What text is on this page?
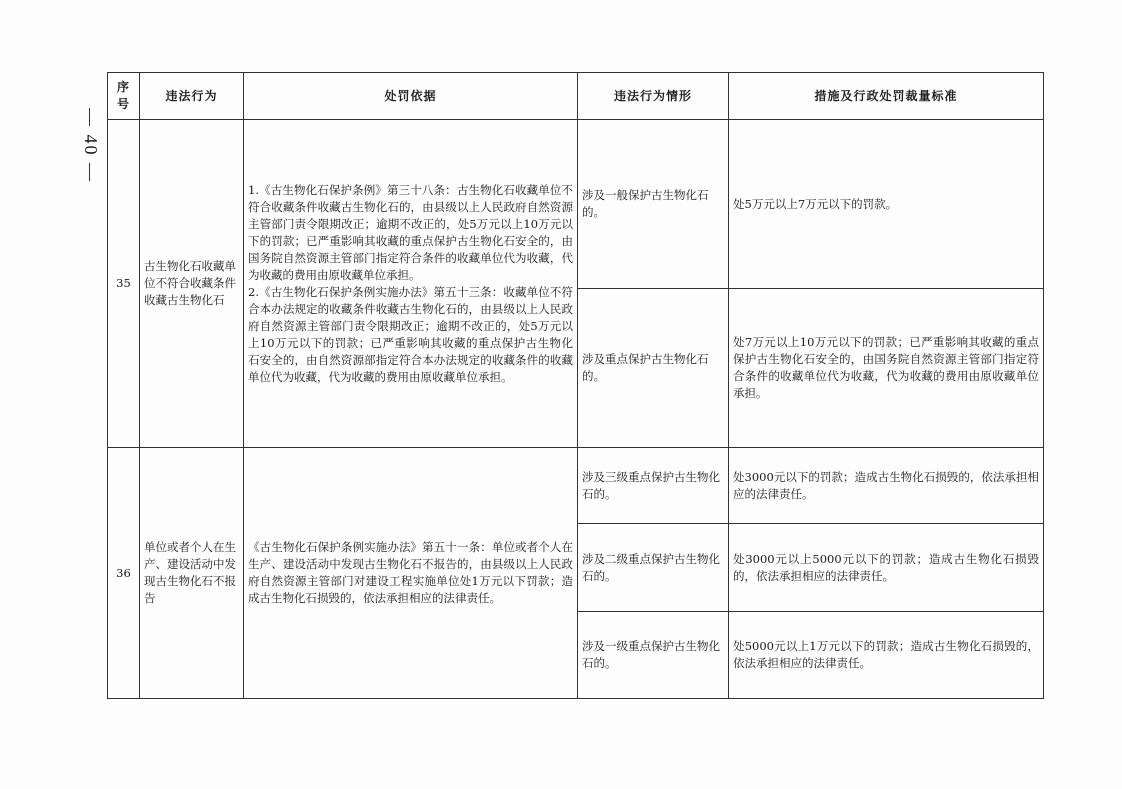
— 40 —
序号	违法行为	处罚依据	违法行为情形	措施及行政处罚裁量标准
35	古生物化石收藏单位不符合收藏条件收藏古生物化石	1.《古生物化石保护条例》第三十八条：古生物化石收藏单位不符合收藏条件收藏古生物化石的，由县级以上人民政府自然资源主管部门责令限期改正；逾期不改正的，处5万元以上10万元以下的罚款；已严重影响其收藏的重点保护古生物化石安全的，由国务院自然资源主管部门指定符合条件的收藏单位代为收藏，代为收藏的费用由原收藏单位承担。
2.《古生物化石保护条例实施办法》第五十三条：收藏单位不符合本办法规定的收藏条件收藏古生物化石的，由县级以上人民政府自然资源主管部门责令限期改正；逾期不改正的，处5万元以上10万元以下的罚款；已严重影响其收藏的重点保护古生物化石安全的，由自然资源部指定符合本办法规定的收藏条件的收藏单位代为收藏，代为收藏的费用由原收藏单位承担。	涉及一般保护古生物化石的。	处5万元以上7万元以下的罚款。
			涉及重点保护古生物化石的。	处7万元以上10万元以下的罚款；已严重影响其收藏的重点保护古生物化石安全的，由国务院自然资源主管部门指定符合条件的收藏单位代为收藏，代为收藏的费用由原收藏单位承担。
36	单位或者个人在生产、建设活动中发现古生物化石不报告	《古生物化石保护条例实施办法》第五十一条：单位或者个人在生产、建设活动中发现古生物化石不报告的，由县级以上人民政府自然资源主管部门对建设工程实施单位处1万元以下罚款；造成古生物化石损毁的，依法承担相应的法律责任。	涉及三级重点保护古生物化石的。	处3000元以下的罚款；造成古生物化石损毁的，依法承担相应的法律责任。
			涉及二级重点保护古生物化石的。	处3000元以上5000元以下的罚款；造成古生物化石损毁的，依法承担相应的法律责任。
			涉及一级重点保护古生物化石的。	处5000元以上1万元以下的罚款；造成古生物化石损毁的，依法承担相应的法律责任。
